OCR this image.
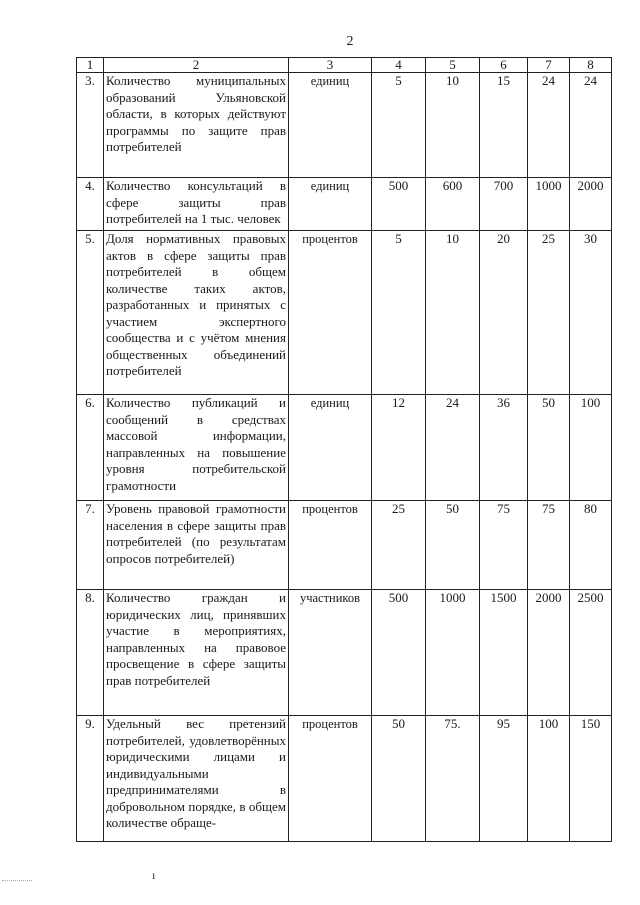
2
1	2	3	4	5	6	7	8
3.	Количество муниципальных образований Ульяновской области, в которых действуют программы по защите прав потребителей	единиц	5	10	15	24	24
4.	Количество консультаций в сфере защиты прав потребителей на 1 тыс. человек	единиц	500	600	700	1000	2000
5.	Доля нормативных правовых актов в сфере защиты прав потребителей в общем количестве таких актов, разработанных и принятых с участием экспертного сообщества и с учётом мнения общественных объединений потребителей	процентов	5	10	20	25	30
6.	Количество публикаций и сообщений в средствах массовой информации, направленных на повышение уровня потребительской грамотности	единиц	12	24	36	50	100
7.	Уровень правовой грамотности населения в сфере защиты прав потребителей (по результатам опросов потребителей)	процентов	25	50	75	75	80
8.	Количество граждан и юридических лиц, принявших участие в мероприятиях, направленных на правовое просвещение в сфере защиты прав потребителей	участников	500	1000	1500	2000	2500
9.	Удельный вес претензий потребителей, удовлетворённых юридическими лицами и индивидуальными предпринимателями в добровольном порядке, в общем количестве обраще-	процентов	50	75.	95	100	150
ı
